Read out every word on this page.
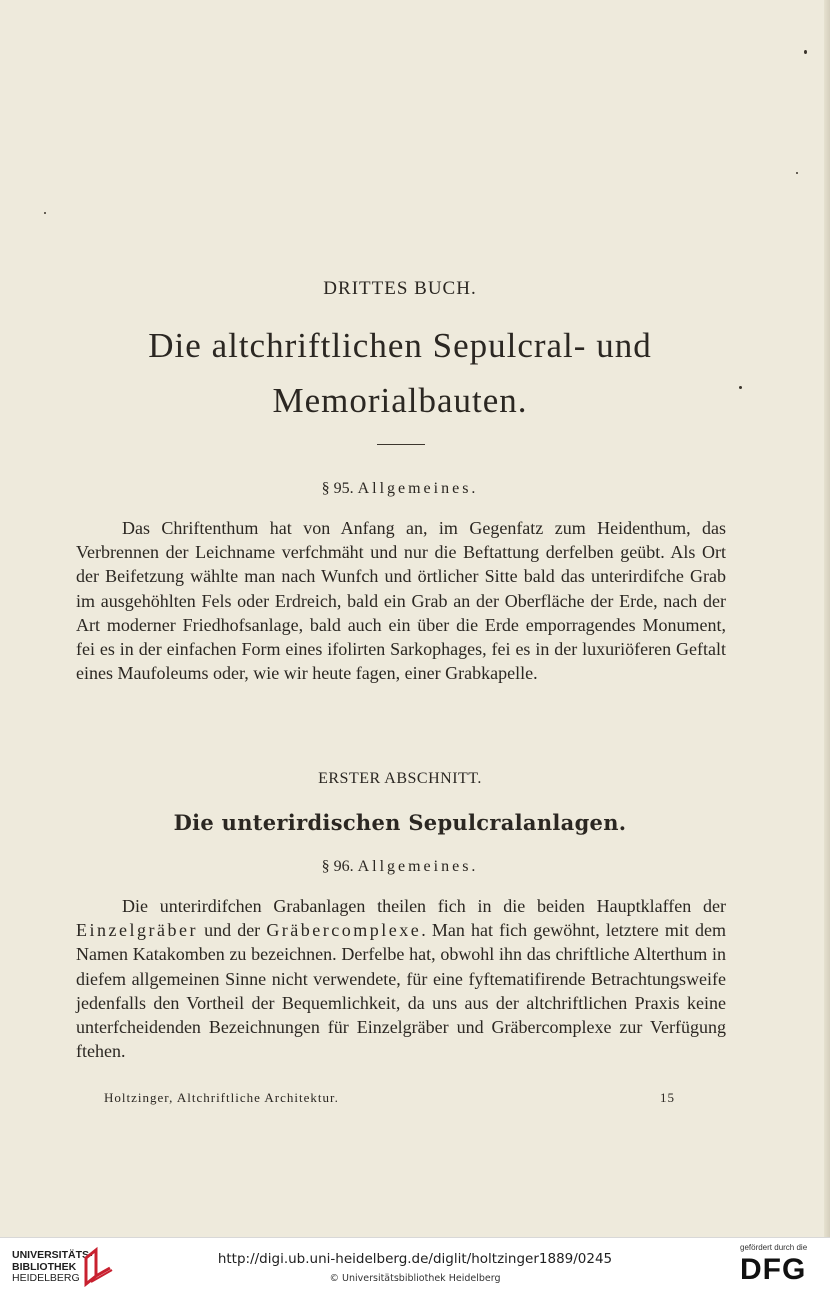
DRITTES BUCH.
Die altchriftlichen Sepulcral- und
Memorialbauten.
§ 95. Allgemeines.

Das Chriftenthum hat von Anfang an, im Gegenfatz zum Heidenthum, das Verbrennen der Leichname verfchmäht und nur die Beftattung derfelben geübt. Als Ort der Beifetzung wählte man nach Wunfch und örtlicher Sitte bald das unterirdifche Grab im ausgehöhlten Fels oder Erdreich, bald ein Grab an der Oberfläche der Erde, nach der Art moderner Friedhofsanlage, bald auch ein über die Erde emporragendes Monument, fei es in der einfachen Form eines ifolirten Sarkophages, fei es in der luxuriöferen Geftalt eines Maufoleums oder, wie wir heute fagen, einer Grabkapelle.

ERSTER ABSCHNITT.
Die unterirdischen Sepulcralanlagen.
§ 96. Allgemeines.

Die unterirdifchen Grabanlagen theilen fich in die beiden Hauptklaffen der Einzelgräber und der Gräbercomplexe. Man hat fich gewöhnt, letztere mit dem Namen Katakomben zu bezeichnen. Derfelbe hat, obwohl ihn das chriftliche Alterthum in diefem allgemeinen Sinne nicht verwendete, für eine fyftematifirende Betrachtungsweife jedenfalls den Vortheil der Bequemlichkeit, da uns aus der altchriftlichen Praxis keine unterfcheidenden Bezeichnungen für Einzelgräber und Gräbercomplexe zur Verfügung ftehen.

Holtzinger, Altchriftliche Architektur.	15
UNIVERSITÄTS-
BIBLIOTHEK
HEIDELBERG
http://digi.ub.uni-heidelberg.de/diglit/holtzinger1889/0245
© Universitätsbibliothek Heidelberg
gefördert durch die
DFG
